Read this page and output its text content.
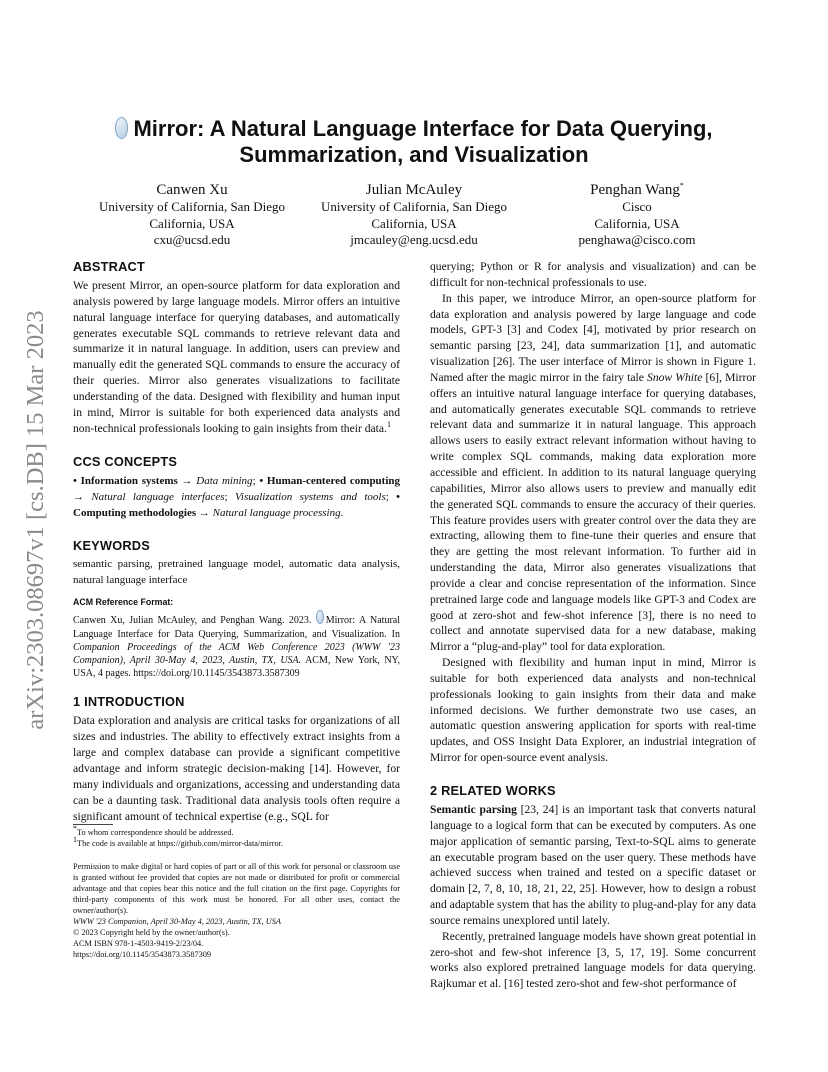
arXiv:2303.08697v1 [cs.DB] 15 Mar 2023
Mirror: A Natural Language Interface for Data Querying,
Summarization, and Visualization
Canwen Xu
University of California, San Diego
California, USA
cxu@ucsd.edu
Julian McAuley
University of California, San Diego
California, USA
jmcauley@eng.ucsd.edu
Penghan Wang*
Cisco
California, USA
penghawa@cisco.com
ABSTRACT

We present Mirror, an open-source platform for data exploration and analysis powered by large language models. Mirror offers an intuitive natural language interface for querying databases, and automatically generates executable SQL commands to retrieve relevant data and summarize it in natural language. In addition, users can preview and manually edit the generated SQL commands to ensure the accuracy of their queries. Mirror also generates visualizations to facilitate understanding of the data. Designed with flexibility and human input in mind, Mirror is suitable for both experienced data analysts and non-technical professionals looking to gain insights from their data.$^1$

CCS CONCEPTS

• Information systems → Data mining; • Human-centered computing → Natural language interfaces; Visualization systems and tools; • Computing methodologies → Natural language processing.

KEYWORDS

semantic parsing, pretrained language model, automatic data analysis, natural language interface

ACM Reference Format:

Canwen Xu, Julian McAuley, and Penghan Wang. 2023. Mirror: A Natural Language Interface for Data Querying, Summarization, and Visualization. In Companion Proceedings of the ACM Web Conference 2023 (WWW '23 Companion), April 30-May 4, 2023, Austin, TX, USA. ACM, New York, NY, USA, 4 pages. https://doi.org/10.1145/3543873.3587309

1 INTRODUCTION

Data exploration and analysis are critical tasks for organizations of all sizes and industries. The ability to effectively extract insights from a large and complex database can provide a significant competitive advantage and inform strategic decision-making [14]. However, for many individuals and organizations, accessing and understanding data can be a daunting task. Traditional data analysis tools often require a significant amount of technical expertise (e.g., SQL for

*To whom correspondence should be addressed.
$^1$The code is available at https://github.com/mirror-data/mirror.
Permission to make digital or hard copies of part or all of this work for personal or classroom use is granted without fee provided that copies are not made or distributed for profit or commercial advantage and that copies bear this notice and the full citation on the first page. Copyrights for third-party components of this work must be honored. For all other uses, contact the owner/author(s).
WWW '23 Companion, April 30-May 4, 2023, Austin, TX, USA
© 2023 Copyright held by the owner/author(s).
ACM ISBN 978-1-4503-9419-2/23/04.
https://doi.org/10.1145/3543873.3587309

querying; Python or R for analysis and visualization) and can be difficult for non-technical professionals to use.

In this paper, we introduce Mirror, an open-source platform for data exploration and analysis powered by large language and code models, GPT-3 [3] and Codex [4], motivated by prior research on semantic parsing [23, 24], data summarization [1], and automatic visualization [26]. The user interface of Mirror is shown in Figure 1. Named after the magic mirror in the fairy tale Snow White [6], Mirror offers an intuitive natural language interface for querying databases, and automatically generates executable SQL commands to retrieve relevant data and summarize it in natural language. This approach allows users to easily extract relevant information without having to write complex SQL commands, making data exploration more accessible and efficient. In addition to its natural language querying capabilities, Mirror also allows users to preview and manually edit the generated SQL commands to ensure the accuracy of their queries. This feature provides users with greater control over the data they are extracting, allowing them to fine-tune their queries and ensure that they are getting the most relevant information. To further aid in understanding the data, Mirror also generates visualizations that provide a clear and concise representation of the information. Since pretrained large code and language models like GPT-3 and Codex are good at zero-shot and few-shot inference [3], there is no need to collect and annotate supervised data for a new database, making Mirror a “plug-and-play” tool for data exploration.

Designed with flexibility and human input in mind, Mirror is suitable for both experienced data analysts and non-technical professionals looking to gain insights from their data and make informed decisions. We further demonstrate two use cases, an automatic question answering application for sports with real-time updates, and OSS Insight Data Explorer, an industrial integration of Mirror for open-source event analysis.

2 RELATED WORKS

Semantic parsing [23, 24] is an important task that converts natural language to a logical form that can be executed by computers. As one major application of semantic parsing, Text-to-SQL aims to generate an executable program based on the user query. These methods have achieved success when trained and tested on a specific dataset or domain [2, 7, 8, 10, 18, 21, 22, 25]. However, how to design a robust and adaptable system that has the ability to plug-and-play for any data source remains unexplored until lately.

Recently, pretrained language models have shown great potential in zero-shot and few-shot inference [3, 5, 17, 19]. Some concurrent works also explored pretrained language models for data querying. Rajkumar et al. [16] tested zero-shot and few-shot performance of
